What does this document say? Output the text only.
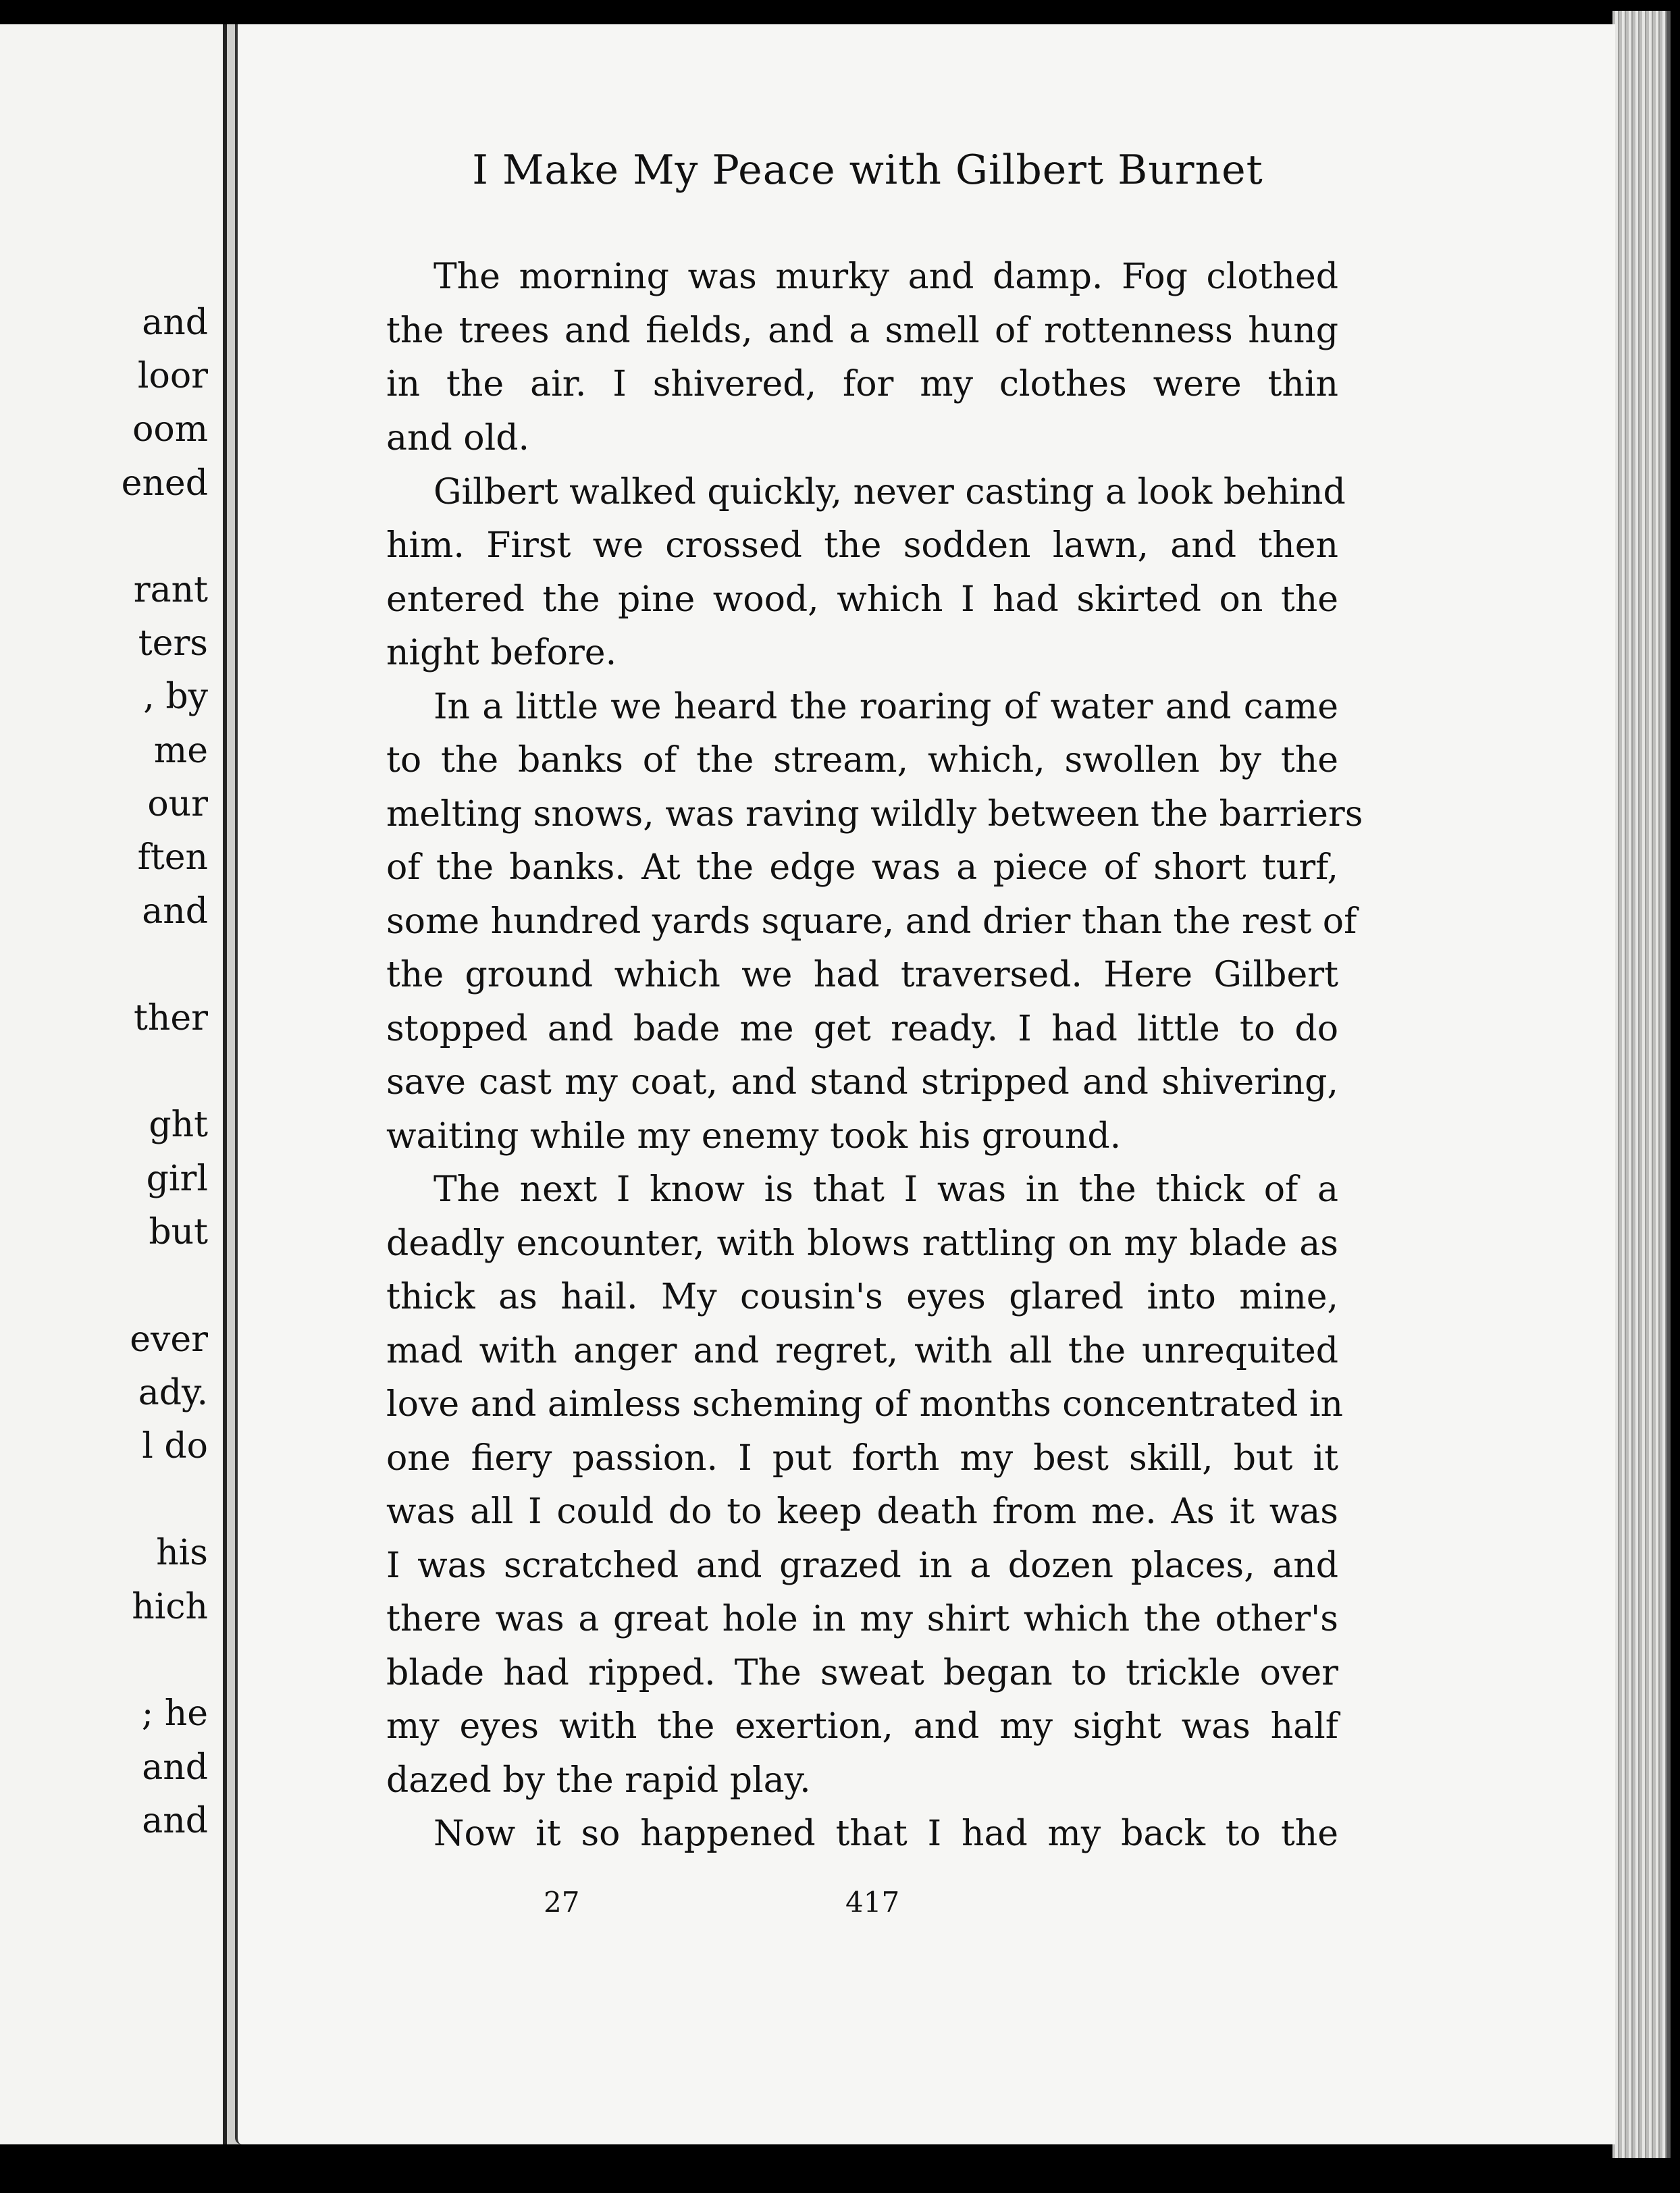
and
loor
oom
ened
rant
ters
, by
me
our
ften
and
ther
ght
girl
but
ever
ady.
l do
his
hich
; he
and
and
I Make My Peace with Gilbert Burnet
The morning was murky and damp. Fog clothed
the trees and fields, and a smell of rottenness hung
in the air. I shivered, for my clothes were thin
and old.
Gilbert walked quickly, never casting a look behind
him. First we crossed the sodden lawn, and then
entered the pine wood, which I had skirted on the
night before.
In a little we heard the roaring of water and came
to the banks of the stream, which, swollen by the
melting snows, was raving wildly between the barriers
of the banks. At the edge was a piece of short turf,
some hundred yards square, and drier than the rest of
the ground which we had traversed. Here Gilbert
stopped and bade me get ready. I had little to do
save cast my coat, and stand stripped and shivering,
waiting while my enemy took his ground.
The next I know is that I was in the thick of a
deadly encounter, with blows rattling on my blade as
thick as hail. My cousin's eyes glared into mine,
mad with anger and regret, with all the unrequited
love and aimless scheming of months concentrated in
one fiery passion. I put forth my best skill, but it
was all I could do to keep death from me. As it was
I was scratched and grazed in a dozen places, and
there was a great hole in my shirt which the other's
blade had ripped. The sweat began to trickle over
my eyes with the exertion, and my sight was half
dazed by the rapid play.
Now it so happened that I had my back to the
27	417
